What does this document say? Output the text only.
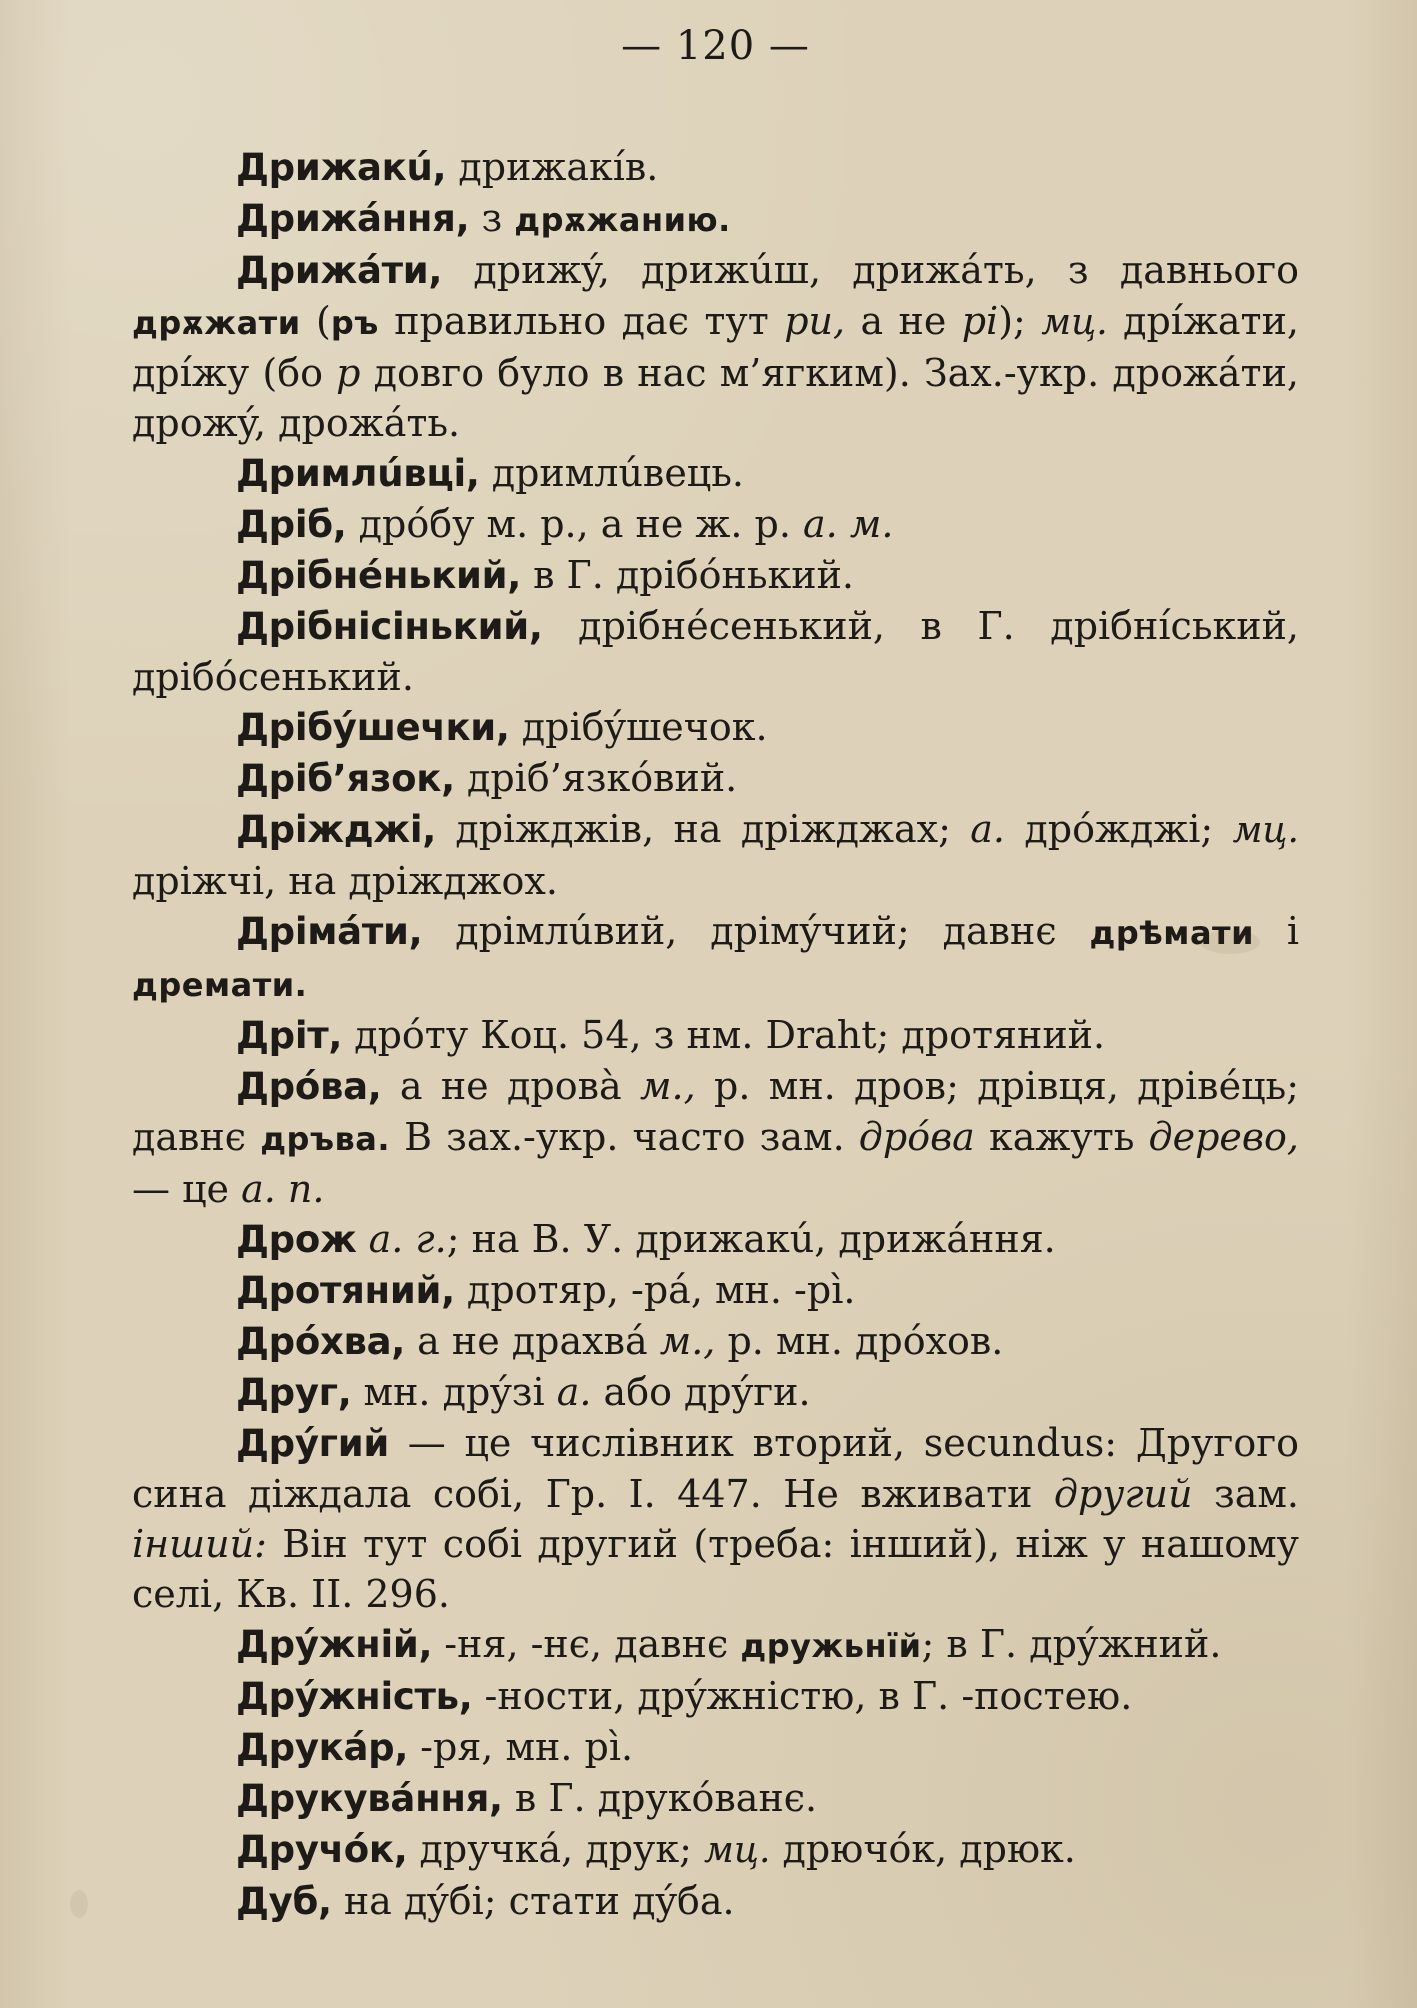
— 120 —

Дрижакú, дрижакíв.

Дрижáння, з дрѫжанию.

Дрижáти, дрижý, дрижúш, дрижáть, з давнього дрѫжати (ръ правильно дає тут ри, а не рі); мц. дрíжати, дрíжу (бо р довго було в нас м’ягким). Зах.-укр. дрожáти, дрожý, дрожáть.

Дримлúвці, дримлúвець.

Дріб, дрóбу м. р., а не ж. р. а. м.

Дрібнéнький, в Г. дрібóнький.

Дрібнісінький, дрібнéсенький, в Г. дрібнíський, дрібóсенький.

Дрібýшечки, дрібýшечок.

Дріб’язок, дріб’язкóвий.

Дріжджі, дріжджів, на дріжджах; а. дрóжджі; мц. дріжчі, на дріжджох.

Дрімáти, дрімлúвий, дрімýчий; давнє дрѣмати і дремати.

Дріт, дрóту Коц. 54, з нм. Draht; дротяний.

Дрóва, а не дровà м., р. мн. дров; дрівця, дрівéць; давнє дръва. В зах.-укр. часто зам. дрóва кажуть дерево, — це а. п.

Дрож а. г.; на В. У. дрижакú, дрижáння.

Дротяний, дротяр, -рá, мн. -рì.

Дрóхва, а не драхвá м., р. мн. дрóхов.

Друг, мн. дрýзі а. або дрýги.

Дрýгий — це числівник вторий, secundus: Другого сина діждала собі, Гр. І. 447. Не вживати другий зам. інший: Він тут собі другий (треба: інший), ніж у нашому селі, Кв. ІІ. 296.

Дрýжній, -ня, -нє, давнє дружьнїй; в Г. дрýжний.

Дрýжність, -ности, дрýжністю, в Г. -постею.

Друкáр, -ря, мн. рì.

Друкувáння, в Г. друкóванє.

Дручóк, дручкá, друк; мц. дрючóк, дрюк.

Дуб, на дýбі; стати дýба.
